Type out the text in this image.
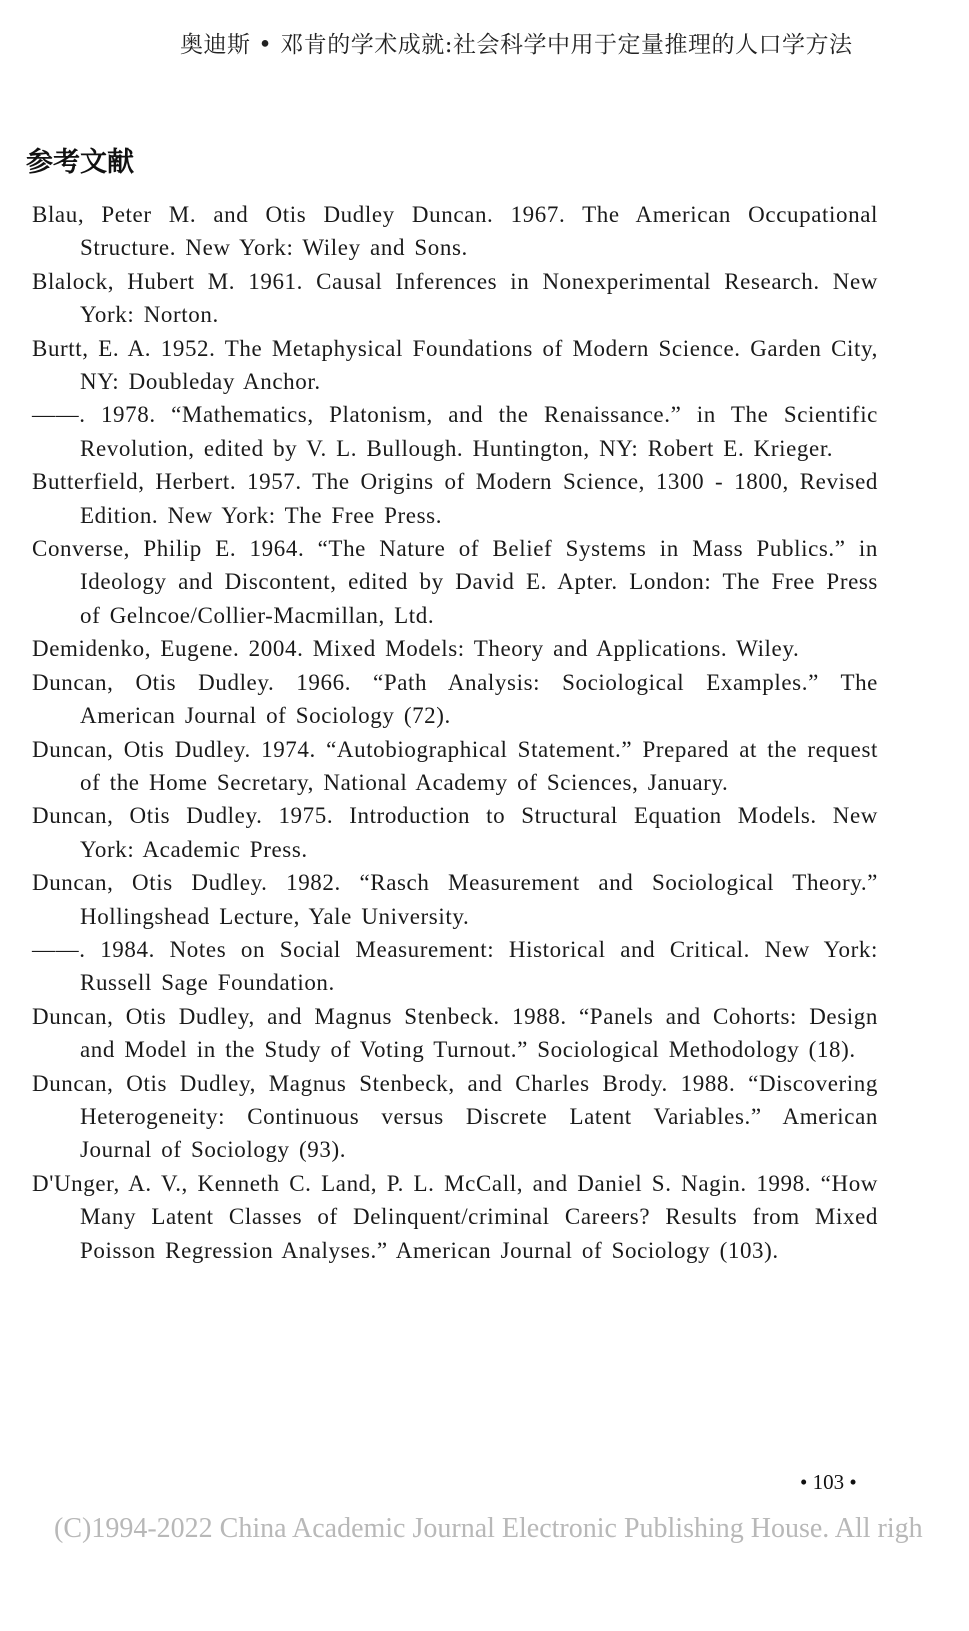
奥迪斯 • 邓肯的学术成就:社会科学中用于定量推理的人口学方法
参考文献

Blau, Peter M. and Otis Dudley Duncan. 1967. The American Occupational Structure. New York: Wiley and Sons.

Blalock, Hubert M. 1961. Causal Inferences in Nonexperimental Research. New York: Norton.

Burtt, E. A. 1952. The Metaphysical Foundations of Modern Science. Garden City, NY: Doubleday Anchor.

——. 1978. “Mathematics, Platonism, and the Renaissance.” in The Scientific Revolution, edited by V. L. Bullough. Huntington, NY: Robert E. Krieger.

Butterfield, Herbert. 1957. The Origins of Modern Science, 1300 - 1800, Revised Edition. New York: The Free Press.

Converse, Philip E. 1964. “The Nature of Belief Systems in Mass Publics.” in Ideology and Discontent, edited by David E. Apter. London: The Free Press of Gelncoe/Collier-Macmillan, Ltd.

Demidenko, Eugene. 2004. Mixed Models: Theory and Applications. Wiley.

Duncan, Otis Dudley. 1966. “Path Analysis: Sociological Examples.” The American Journal of Sociology (72).

Duncan, Otis Dudley. 1974. “Autobiographical Statement.” Prepared at the request of the Home Secretary, National Academy of Sciences, January.

Duncan, Otis Dudley. 1975. Introduction to Structural Equation Models. New York: Academic Press.

Duncan, Otis Dudley. 1982. “Rasch Measurement and Sociological Theory.” Hollingshead Lecture, Yale University.

——. 1984. Notes on Social Measurement: Historical and Critical. New York: Russell Sage Foundation.

Duncan, Otis Dudley, and Magnus Stenbeck. 1988. “Panels and Cohorts: Design and Model in the Study of Voting Turnout.” Sociological Methodology (18).

Duncan, Otis Dudley, Magnus Stenbeck, and Charles Brody. 1988. “Discovering Heterogeneity: Continuous versus Discrete Latent Variables.” American Journal of Sociology (93).

D'Unger, A. V., Kenneth C. Land, P. L. McCall, and Daniel S. Nagin. 1998. “How Many Latent Classes of Delinquent/criminal Careers? Results from Mixed Poisson Regression Analyses.” American Journal of Sociology (103).

• 103 •
(C)1994-2022 China Academic Journal Electronic Publishing House. All righ
